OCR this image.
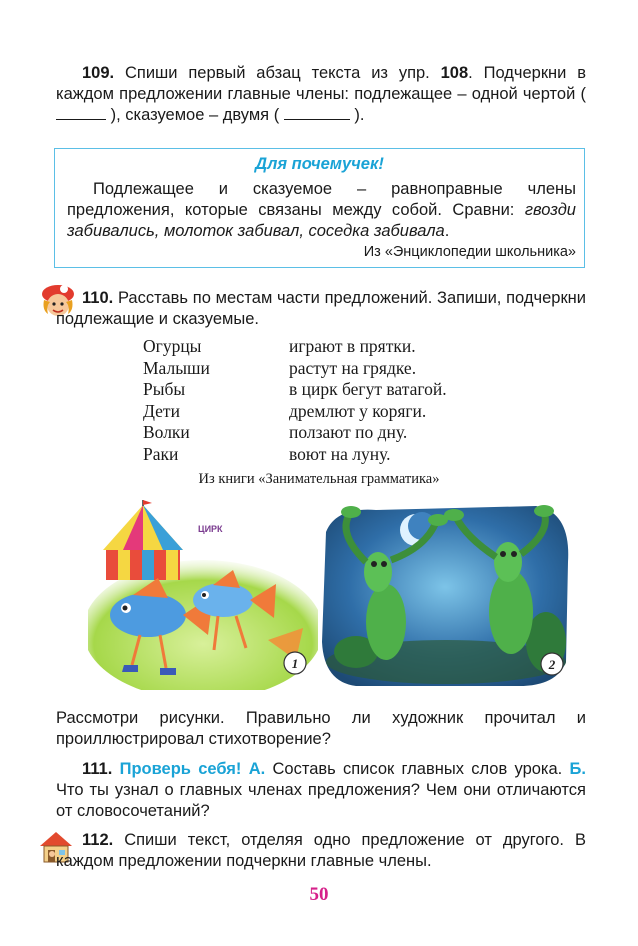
109. Спиши первый абзац текста из упр. 108. Подчеркни в каждом предложении главные члены: подлежащее – одной чертой (  ), сказуемое – двумя (	).
Для почемучек!
Подлежащее и сказуемое – равноправные члены предложения, которые связаны между собой. Сравни: гвозди забивались, молоток забивал, соседка забивала.
Из «Энциклопедии школьника»
110. Расставь по местам части предложений. Запиши, подчеркни подлежащие и сказуемые.
Огурцы	играют в прятки.
Малыши	растут на грядке.
Рыбы	в цирк бегут ватагой.
Дети	дремлют у коряги.
Волки	ползают по дну.
Раки	воют на луну.
Из книги «Занимательная грамматика»
ЦИРК
1	2
Рассмотри рисунки. Правильно ли художник прочитал и проиллюстрировал стихотворение?
111. Проверь себя! А. Составь список главных слов урока. Б. Что ты узнал о главных членах предложения? Чем они отличаются от словосочетаний?
112. Спиши текст, отделяя одно предложение от другого. В каждом предложении подчеркни главные члены.
50
